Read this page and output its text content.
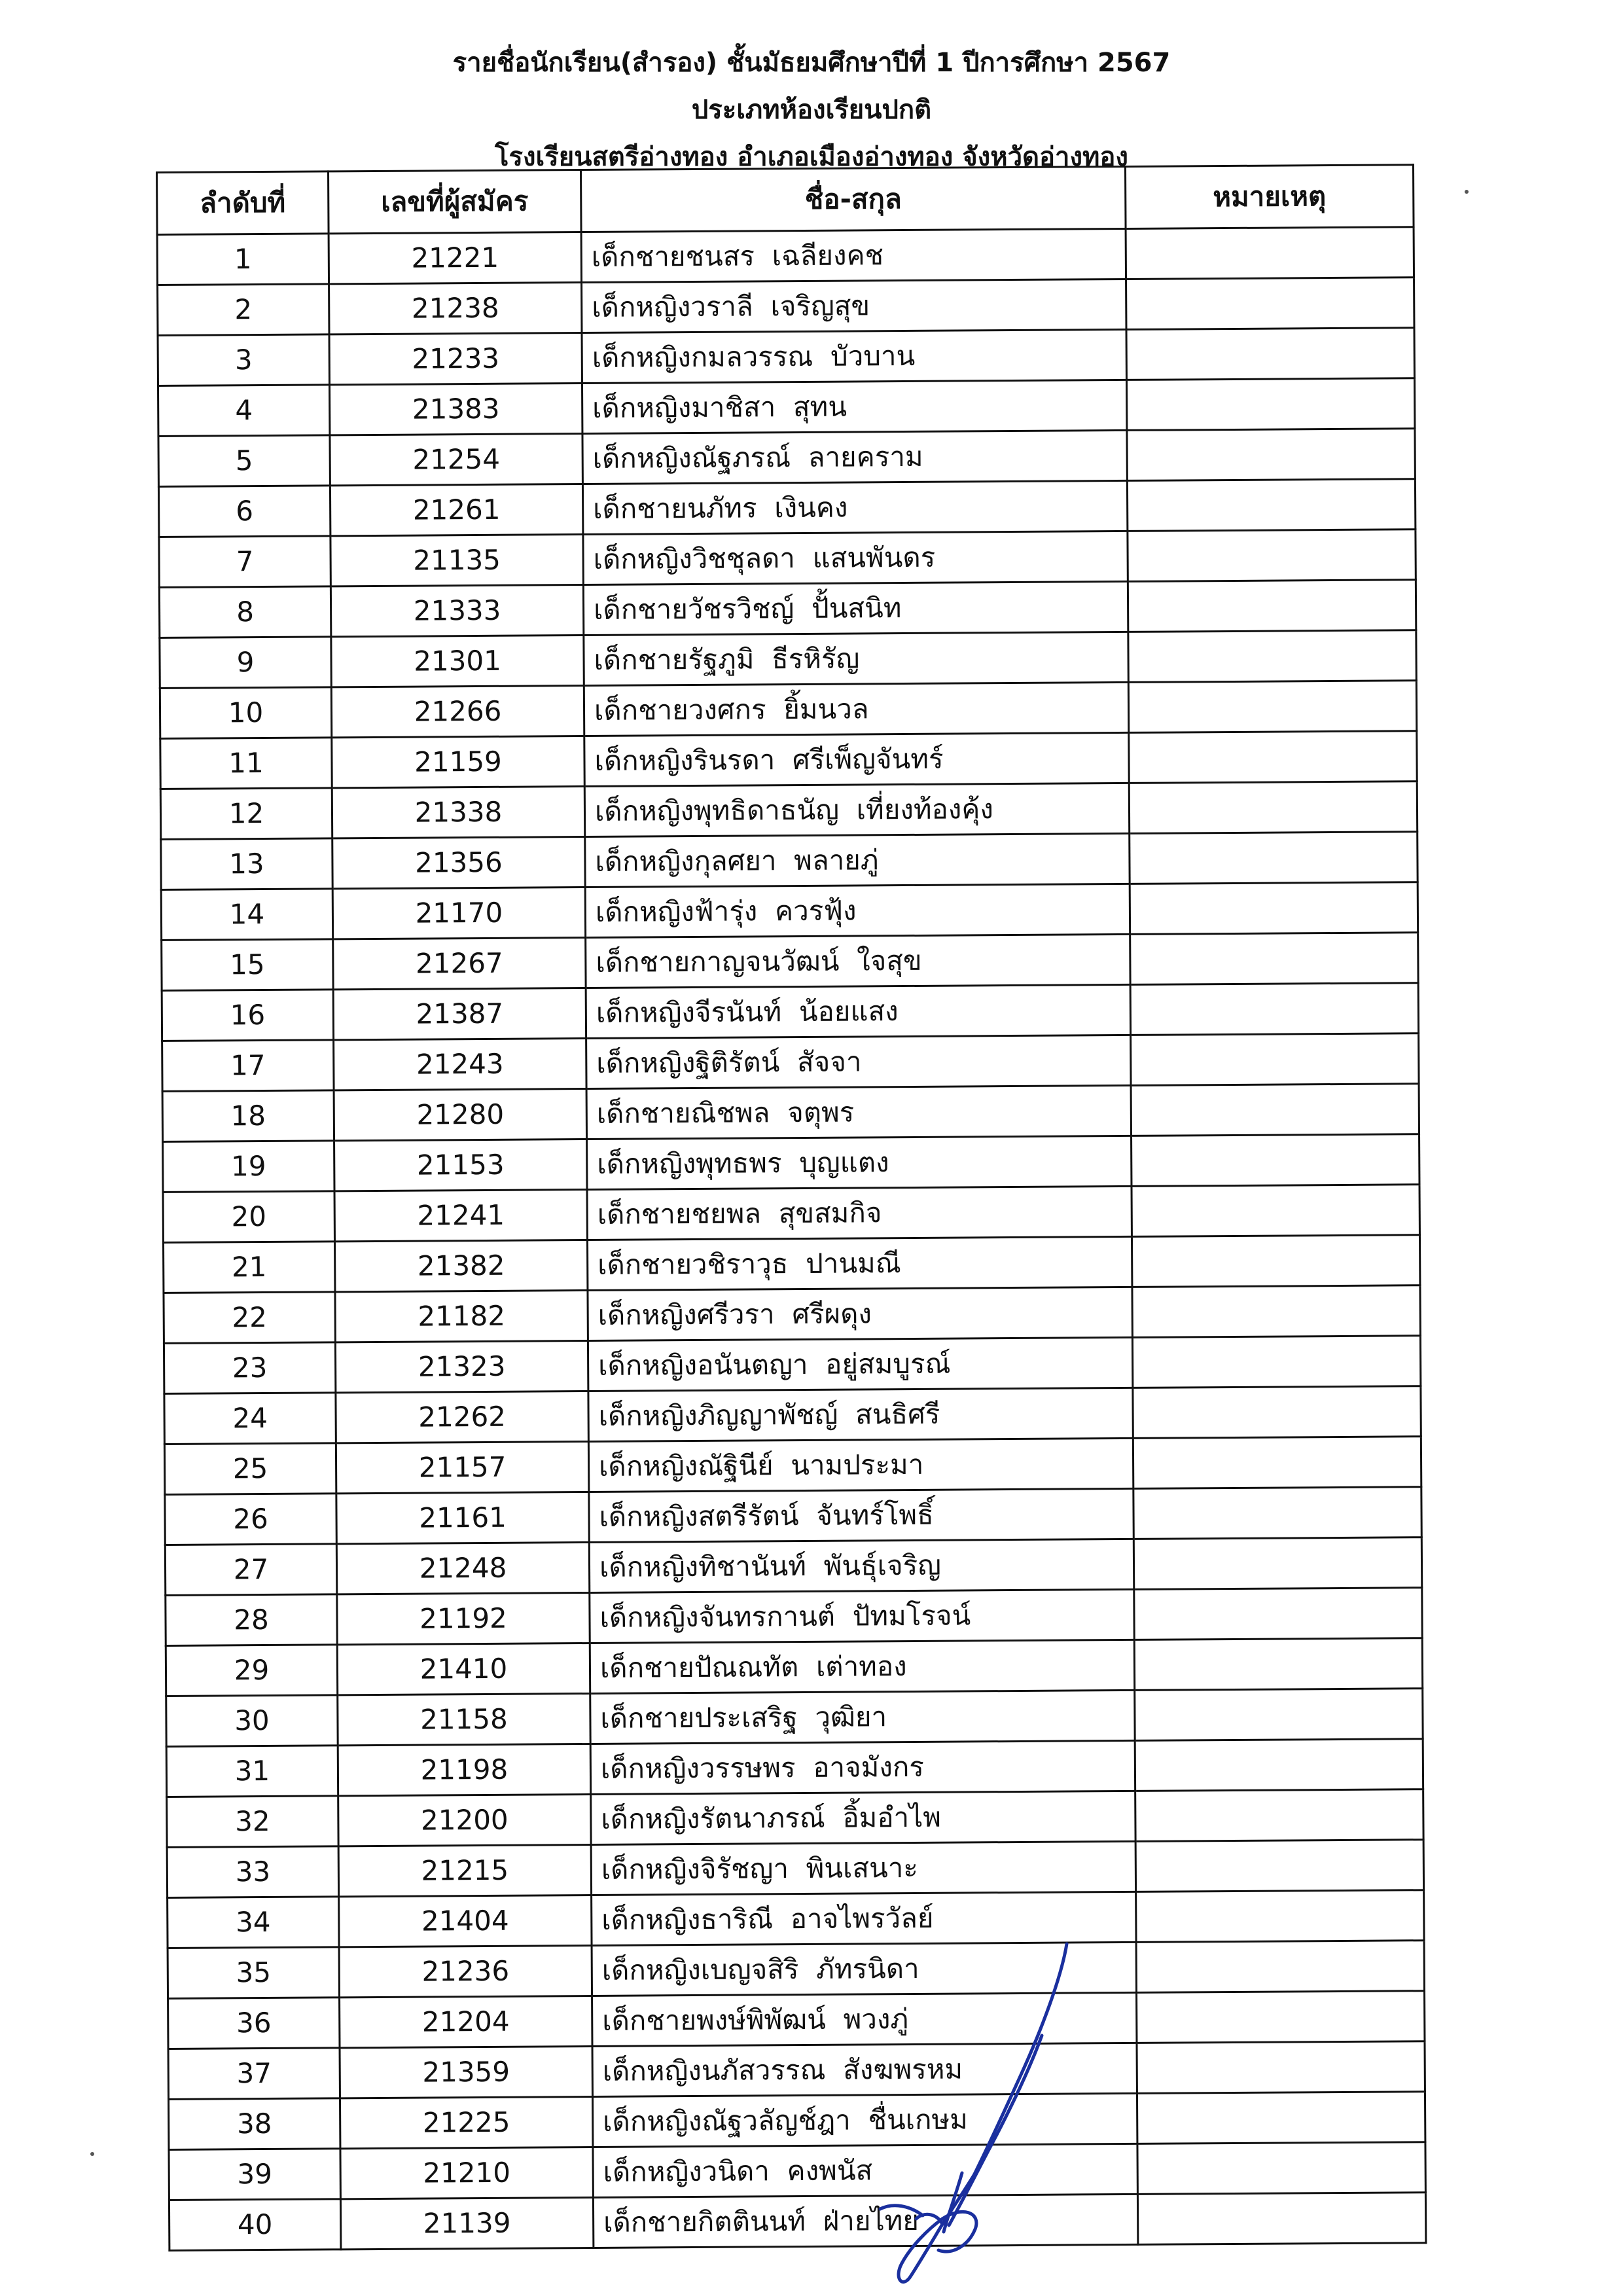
รายชื่อนักเรียน(สำรอง) ชั้นมัธยมศึกษาปีที่ 1 ปีการศึกษา 2567
ประเภทห้องเรียนปกติ
โรงเรียนสตรีอ่างทอง อำเภอเมืองอ่างทอง จังหวัดอ่างทอง
ลำดับที่	เลขที่ผู้สมัคร	ชื่อ-สกุล	หมายเหตุ
1	21221	เด็กชายชนสร  เฉลียงคช	
2	21238	เด็กหญิงวราลี  เจริญสุข	
3	21233	เด็กหญิงกมลวรรณ  บัวบาน	
4	21383	เด็กหญิงมาชิสา  สุทน	
5	21254	เด็กหญิงณัฐภรณ์  ลายคราม	
6	21261	เด็กชายนภัทร  เงินคง	
7	21135	เด็กหญิงวิชชุลดา  แสนพันดร	
8	21333	เด็กชายวัชรวิชญ์  ปั้นสนิท	
9	21301	เด็กชายรัฐภูมิ  ธีรหิรัญ	
10	21266	เด็กชายวงศกร  ยิ้มนวล	
11	21159	เด็กหญิงรินรดา  ศรีเพ็ญจันทร์	
12	21338	เด็กหญิงพุทธิดาธนัญ  เที่ยงท้องคุ้ง	
13	21356	เด็กหญิงกุลศยา  พลายภู่	
14	21170	เด็กหญิงฟ้ารุ่ง  ควรฟุ้ง	
15	21267	เด็กชายกาญจนวัฒน์  ใจสุข	
16	21387	เด็กหญิงจีรนันท์  น้อยแสง	
17	21243	เด็กหญิงฐิติรัตน์  สัจจา	
18	21280	เด็กชายณิชพล  จตุพร	
19	21153	เด็กหญิงพุทธพร  บุญแตง	
20	21241	เด็กชายชยพล  สุขสมกิจ	
21	21382	เด็กชายวชิราวุธ  ปานมณี	
22	21182	เด็กหญิงศรีวรา  ศรีผดุง	
23	21323	เด็กหญิงอนันตญา  อยู่สมบูรณ์	
24	21262	เด็กหญิงภิญญาพัชญ์  สนธิศรี	
25	21157	เด็กหญิงณัฐินีย์  นามประมา	
26	21161	เด็กหญิงสตรีรัตน์  จันทร์โพธิ์	
27	21248	เด็กหญิงทิชานันท์  พันธุ์เจริญ	
28	21192	เด็กหญิงจันทรกานต์  ปัทมโรจน์	
29	21410	เด็กชายปัณณทัต  เต่าทอง	
30	21158	เด็กชายประเสริฐ  วุฒิยา	
31	21198	เด็กหญิงวรรษพร  อาจมังกร	
32	21200	เด็กหญิงรัตนาภรณ์  อิ้มอำไพ	
33	21215	เด็กหญิงจิรัชญา  พินเสนาะ	
34	21404	เด็กหญิงธาริณี  อาจไพรวัลย์	
35	21236	เด็กหญิงเบญจสิริ  ภัทรนิดา	
36	21204	เด็กชายพงษ์พิพัฒน์  พวงภู่	
37	21359	เด็กหญิงนภัสวรรณ  สังฆพรหม	
38	21225	เด็กหญิงณัฐวลัญช์ฎา  ชื่นเกษม	
39	21210	เด็กหญิงวนิดา  คงพนัส	
40	21139	เด็กชายกิตตินนท์  ฝ่ายไทย	
